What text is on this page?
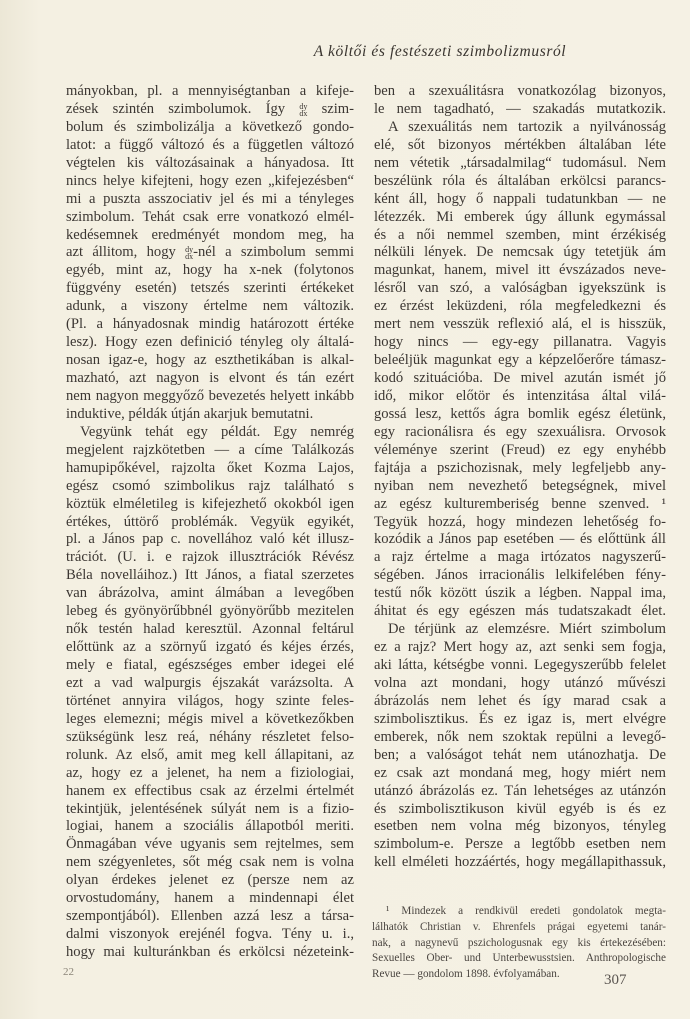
A költői és festészeti szimbolizmusról
mányokban, pl. a mennyiségtanban a kifeje-
zések szintén szimbolumok. Így dy
dx szim-
bolum és szimbolizálja a következő gondo-
latot: a függő változó és a független változó
végtelen kis változásainak a hányadosa. Itt
nincs helye kifejteni, hogy ezen „kifejezésben“
mi a puszta asszociativ jel és mi a tényleges
szimbolum. Tehát csak erre vonatkozó elmél-
kedésemnek eredményét mondom meg, ha
azt állitom, hogy dy
dx-nél a szimbolum semmi
egyéb, mint az, hogy ha x-nek (folytonos
függvény esetén) tetszés szerinti értékeket
adunk, a viszony értelme nem változik.
(Pl. a hányadosnak mindig határozott értéke
lesz). Hogy ezen definició tényleg oly általá-
nosan igaz-e, hogy az eszthetikában is alkal-
mazható, azt nagyon is elvont és tán ezért
nem nagyon meggyőző bevezetés helyett inkább
induktive, példák útján akarjuk bemutatni.
Vegyünk tehát egy példát. Egy nemrég
megjelent rajzkötetben — a címe Találkozás
hamupipőkével, rajzolta őket Kozma Lajos,
egész csomó szimbolikus rajz található s
köztük elméletileg is kifejezhető okokból igen
értékes, úttörő problémák. Vegyük egyikét,
pl. a János pap c. novellához való két illusz-
trációt. (U. i. e rajzok illusztrációk Révész
Béla novelláihoz.) Itt János, a fiatal szerzetes
van ábrázolva, amint álmában a levegőben
lebeg és gyönyörűbbnél gyönyörűbb mezitelen
nők testén halad keresztül. Azonnal feltárul
előttünk az a szörnyű izgató és kéjes érzés,
mely e fiatal, egészséges ember idegei elé
ezt a vad walpurgis éjszakát varázsolta. A
történet annyira világos, hogy szinte feles-
leges elemezni; mégis mivel a következőkben
szükségünk lesz reá, néhány részletet felso-
rolunk. Az első, amit meg kell állapitani, az
az, hogy ez a jelenet, ha nem a fiziologiai,
hanem ex effectibus csak az érzelmi értelmét
tekintjük, jelentésének súlyát nem is a fizio-
logiai, hanem a szociális állapotból meriti.
Önmagában véve ugyanis sem rejtelmes, sem
nem szégyenletes, sőt még csak nem is volna
olyan érdekes jelenet ez (persze nem az
orvostudomány, hanem a mindennapi élet
szempontjából). Ellenben azzá lesz a társa-
dalmi viszonyok erejénél fogva. Tény u. i.,
hogy mai kulturánkban és erkölcsi nézeteink-
ben a szexuálitásra vonatkozólag bizonyos,
le nem tagadható, — szakadás mutatkozik.
A szexuálitás nem tartozik a nyilvánosság
elé, sőt bizonyos mértékben általában léte
nem vétetik „társadalmilag“ tudomásul. Nem
beszélünk róla és általában erkölcsi parancs-
ként áll, hogy ő nappali tudatunkban — ne
létezzék. Mi emberek úgy állunk egymással
és a női nemmel szemben, mint érzékiség
nélküli lények. De nemcsak úgy tetetjük ám
magunkat, hanem, mivel itt évszázados neve-
lésről van szó, a valóságban igyekszünk is
ez érzést leküzdeni, róla megfeledkezni és
mert nem vesszük reflexió alá, el is hisszük,
hogy nincs — egy-egy pillanatra. Vagyis
beleéljük magunkat egy a képzelőerőre támasz-
kodó szituációba. De mivel azután ismét jő
idő, mikor előtör és intenzitása által vilá-
gossá lesz, kettős ágra bomlik egész életünk,
egy racionálisra és egy szexuálisra. Orvosok
véleménye szerint (Freud) ez egy enyhébb
fajtája a pszichozisnak, mely legfeljebb any-
nyiban nem nevezhető betegségnek, mivel
az egész kulturemberiség benne szenved. ¹
Tegyük hozzá, hogy mindezen lehetőség fo-
kozódik a János pap esetében — és előttünk áll
a rajz értelme a maga irtózatos nagyszerű-
ségében. János irracionális lelkifelében fény-
testű nők között úszik a légben. Nappal ima,
áhitat és egy egészen más tudatszakadt élet.
De térjünk az elemzésre. Miért szimbolum
ez a rajz? Mert hogy az, azt senki sem fogja,
aki látta, kétségbe vonni. Legegyszerűbb felelet
volna azt mondani, hogy utánzó művészi
ábrázolás nem lehet és így marad csak a
szimbolisztikus. És ez igaz is, mert elvégre
emberek, nők nem szoktak repülni a levegő-
ben; a valóságot tehát nem utánozhatja. De
ez csak azt mondaná meg, hogy miért nem
utánzó ábrázolás ez. Tán lehetséges az utánzón
és szimbolisztikuson kivül egyéb is és ez
esetben nem volna még bizonyos, tényleg
szimbolum-e. Persze a legtőbb esetben nem
kell elméleti hozzáértés, hogy megállapithassuk,
¹ Mindezek a rendkivül eredeti gondolatok megta-
lálhatók Christian v. Ehrenfels prágai egyetemi tanár-
nak, a nagynevű pszichologusnak egy kis értekezésében:
Sexuelles Ober- und Unterbewusstsien. Anthropologische
Revue — gondolom 1898. évfolyamában.
22	307
